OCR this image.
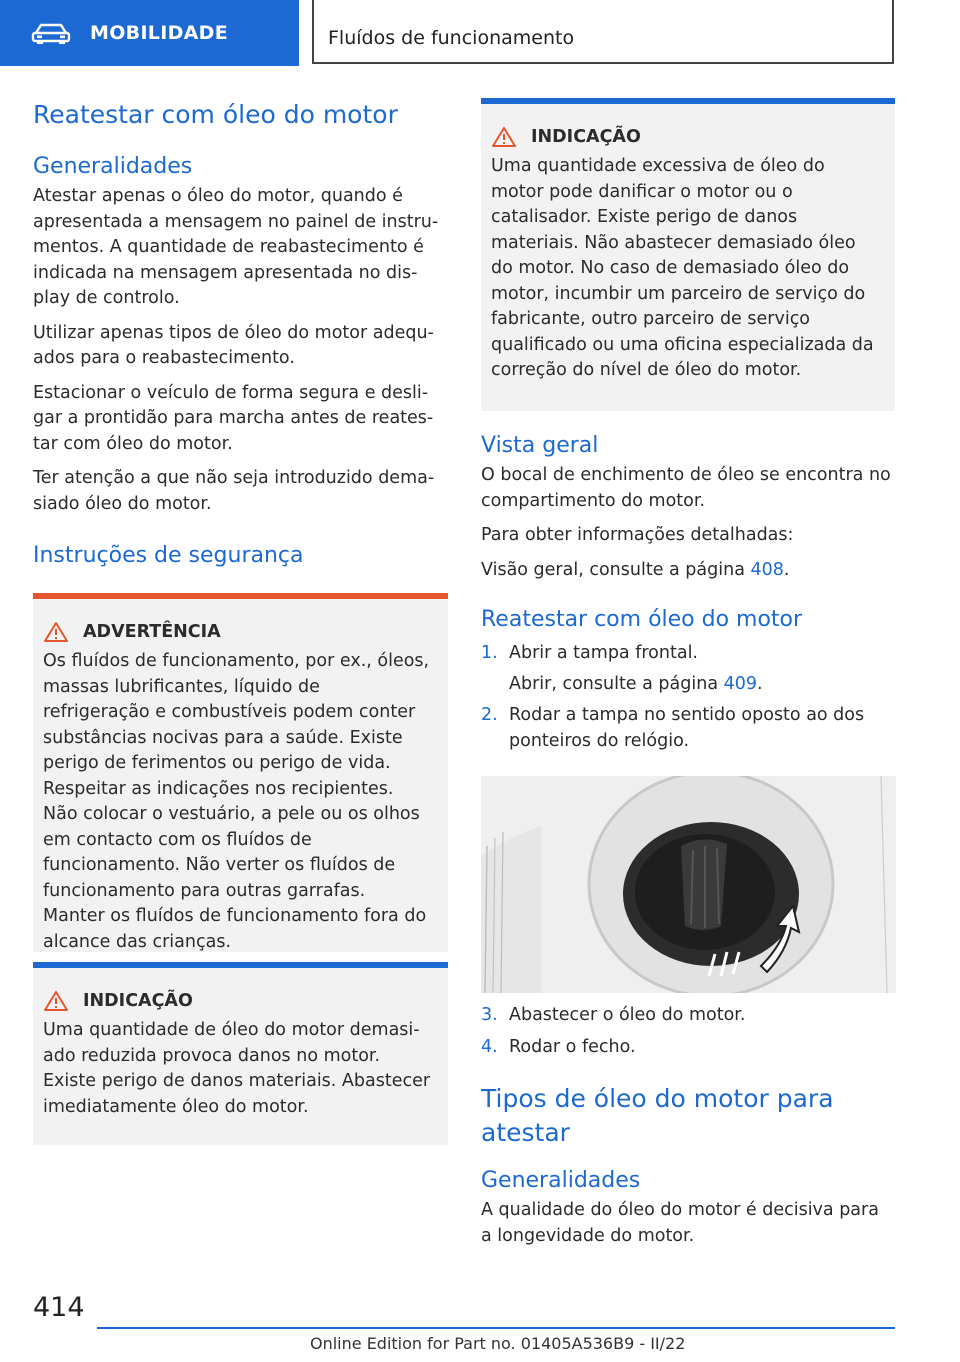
MOBILIDADE	Fluídos de funcionamento
Reatestar com óleo do motor
Generalidades

Atestar apenas o óleo do motor, quando é apresentada a mensagem no painel de instrumentos. A quantidade de reabastecimento é indicada na mensagem apresentada no display de controlo.

Utilizar apenas tipos de óleo do motor adequados para o reabastecimento.

Estacionar o veículo de forma segura e desligar a prontidão para marcha antes de reatestar com óleo do motor.

Ter atenção a que não seja introduzido demasiado óleo do motor.

Instruções de segurança
ADVERTÊNCIA

Os fluídos de funcionamento, por ex., óleos, massas lubrificantes, líquido de refrigeração e combustíveis podem conter substâncias nocivas para a saúde. Existe perigo de ferimentos ou perigo de vida. Respeitar as indicações nos recipientes. Não colocar o vestuário, a pele ou os olhos em contacto com os fluídos de funcionamento. Não verter os fluídos de funcionamento para outras garrafas. Manter os fluídos de funcionamento fora do alcance das crianças.

INDICAÇÃO

Uma quantidade de óleo do motor demasiado reduzida provoca danos no motor. Existe perigo de danos materiais. Abastecer imediatamente óleo do motor.

INDICAÇÃO

Uma quantidade excessiva de óleo do motor pode danificar o motor ou o catalisador. Existe perigo de danos materiais. Não abastecer demasiado óleo do motor. No caso de demasiado óleo do motor, incumbir um parceiro de serviço do fabricante, outro parceiro de serviço qualificado ou uma oficina especializada da correção do nível de óleo do motor.

Vista geral

O bocal de enchimento de óleo se encontra no compartimento do motor.

Para obter informações detalhadas:

Visão geral, consulte a página 408.

Reatestar com óleo do motor
1. Abrir a tampa frontal.
Abrir, consulte a página 409.
2. Rodar a tampa no sentido oposto ao dos ponteiros do relógio.
3. Abastecer o óleo do motor.
4. Rodar o fecho.
Tipos de óleo do motor para atestar
Generalidades

A qualidade do óleo do motor é decisiva para a longevidade do motor.

414
Online Edition for Part no. 01405A536B9 - II/22
